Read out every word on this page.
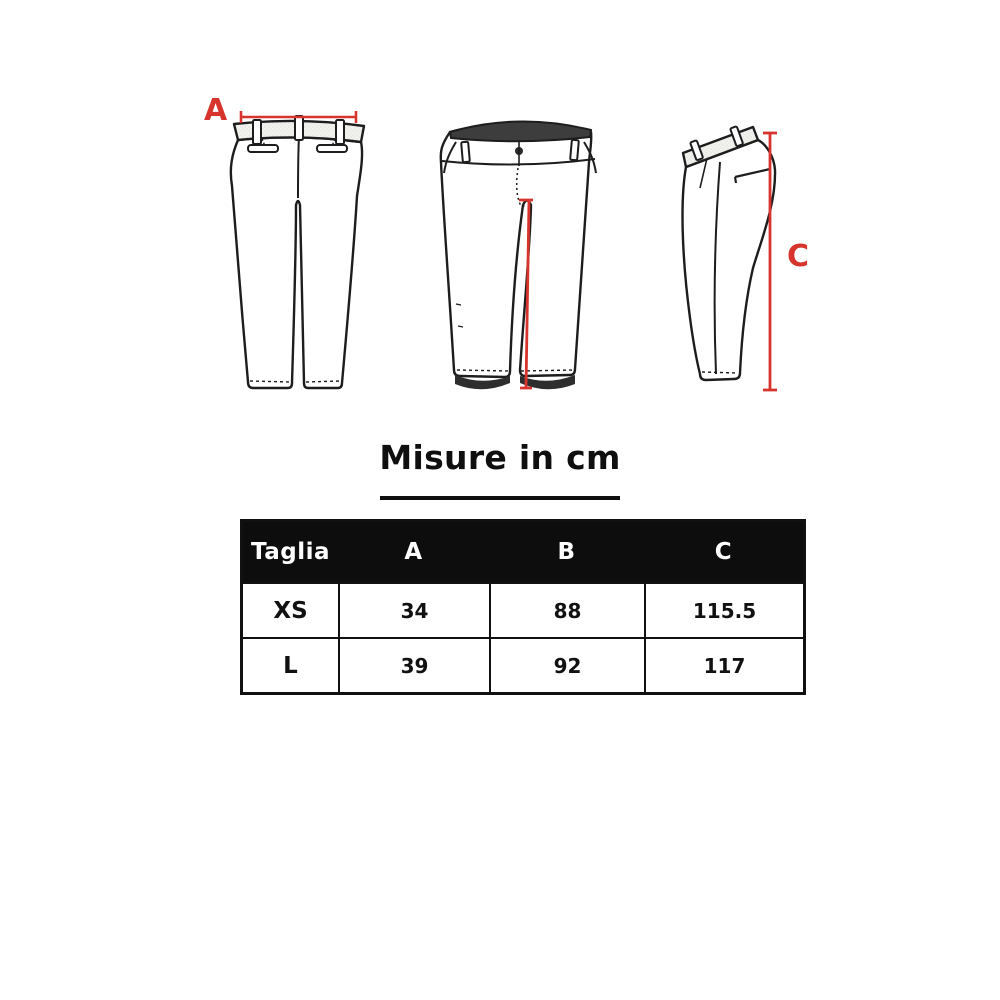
A
C
Misure in cm
Taglia	A	B	C
XS	34	88	115.5
L	39	92	117
